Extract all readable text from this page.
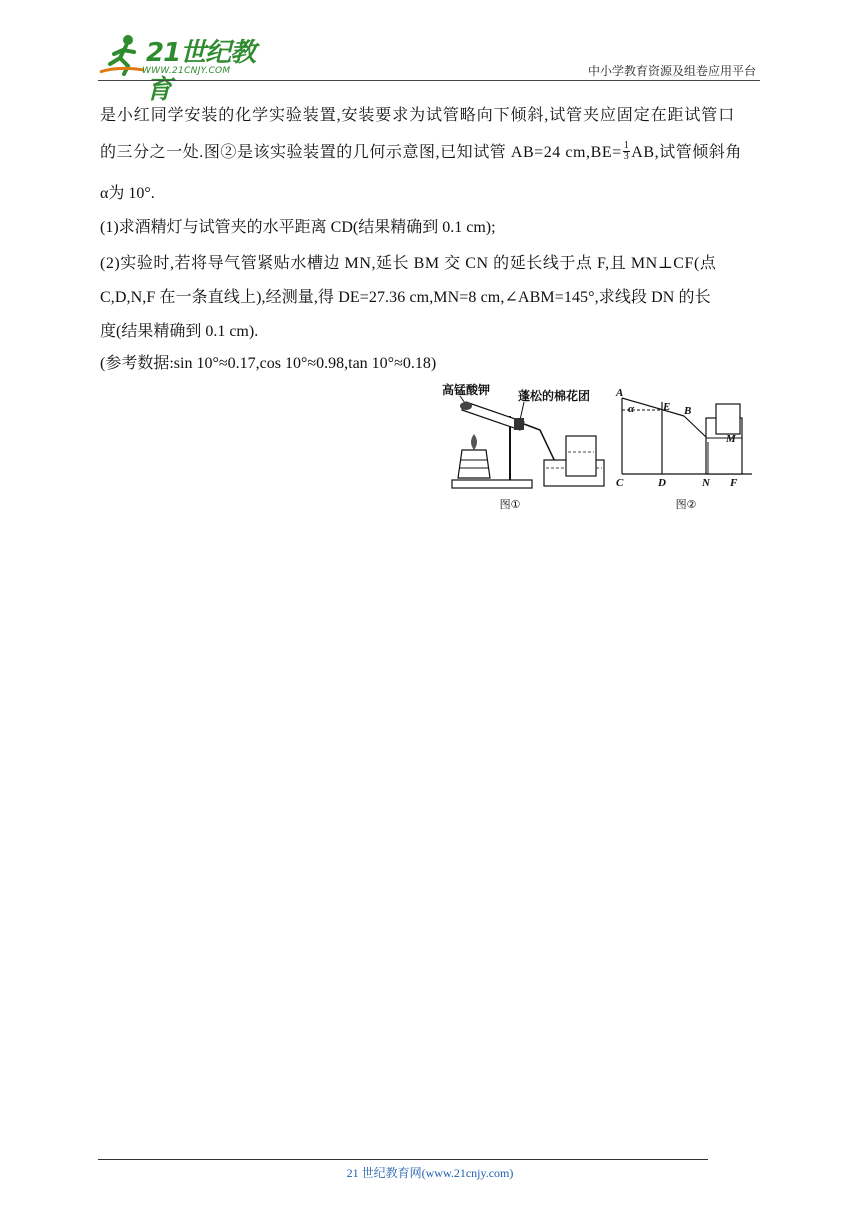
21世纪教育
WWW.21CNJY.COM	中小学教育资源及组卷应用平台
是小红同学安装的化学实验装置,安装要求为试管略向下倾斜,试管夹应固定在距试管口
的三分之一处.图②是该实验装置的几何示意图,已知试管 AB=24 $cm,BE= \frac{1}{3}$ AB,试管倾斜角
α为 10°.
(1)求酒精灯与试管夹的水平距离 CD(结果精确到 0.1 cm);
(2)实验时,若将导气管紧贴水槽边 MN,延长 BM 交 CN 的延长线于点 F,且 MN⊥CF(点
C,D,N,F 在一条直线上),经测量,得 DE=27.36 cm,MN=8 cm,∠ABM=145°,求线段 DN 的长
度(结果精确到 0.1 cm).
(参考数据:sin 10°≈0.17,cos 10°≈0.98,tan 10°≈0.18)
高锰酸钾 蓬松的棉花团
图①
A
E B
M
C	D	N F
α
图②
21 世纪教育网(www.21cnjy.com)
